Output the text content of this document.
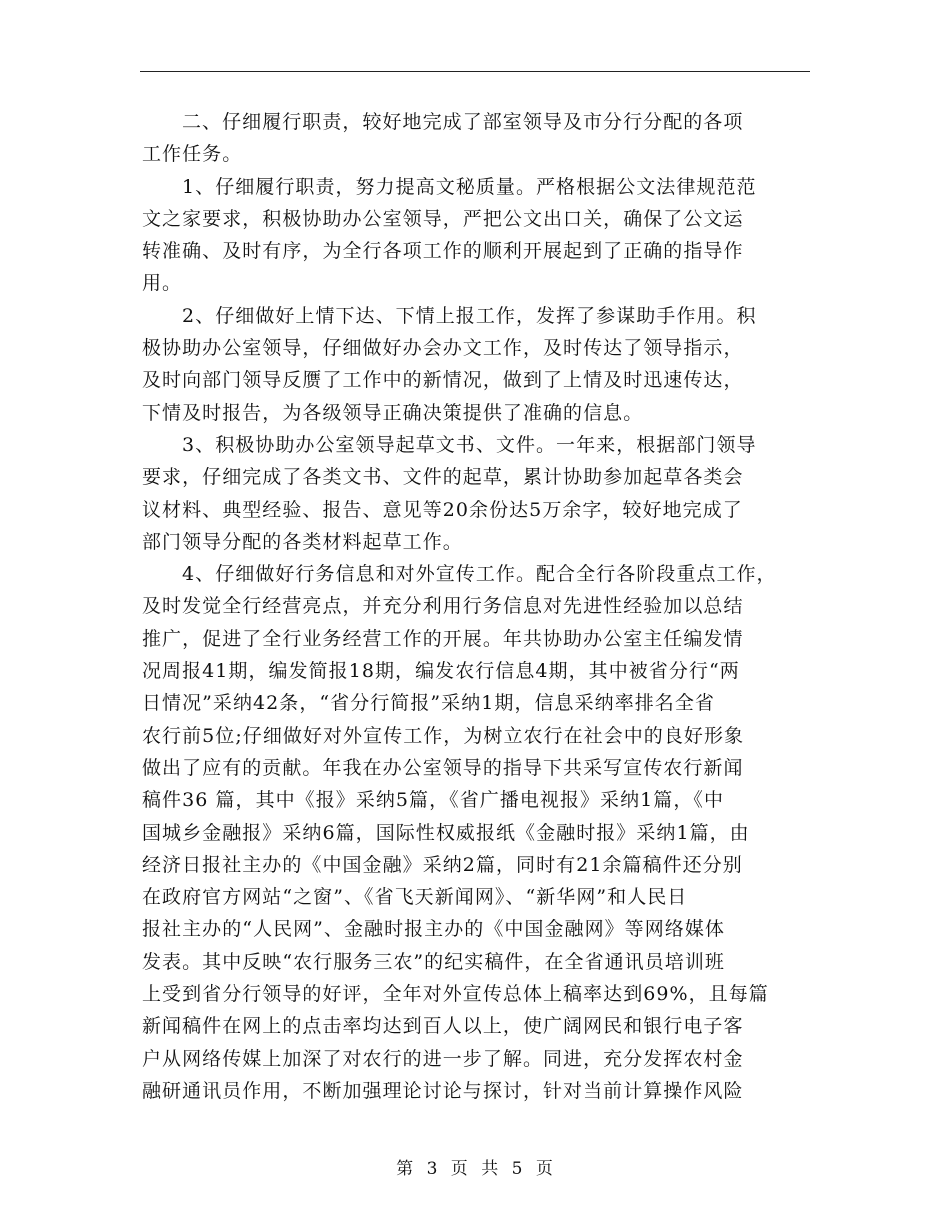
二、仔细履行职责，较好地完成了部室领导及市分行分配的各项
工作任务。

1、仔细履行职责，努力提高文秘质量。严格根据公文法律规范范
文之家要求，积极协助办公室领导，严把公文出口关，确保了公文运
转准确、及时有序，为全行各项工作的顺利开展起到了正确的指导作
用。

2、仔细做好上情下达、下情上报工作，发挥了参谋助手作用。积
极协助办公室领导，仔细做好办会办文工作，及时传达了领导指示，
及时向部门领导反赝了工作中的新情况，做到了上情及时迅速传达，
下情及时报告，为各级领导正确决策提供了准确的信息。

3、积极协助办公室领导起草文书、文件。一年来，根据部门领导
要求，仔细完成了各类文书、文件的起草，累计协助参加起草各类会
议材料、典型经验、报告、意见等20余份达5万余字，较好地完成了
部门领导分配的各类材料起草工作。

4、仔细做好行务信息和对外宣传工作。配合全行各阶段重点工作，
及时发觉全行经营亮点，并充分利用行务信息对先进性经验加以总结
推广，促进了全行业务经营工作的开展。年共协助办公室主任编发情
况周报41期，编发简报18期，编发农行信息4期，其中被省分行“两
日情况”采纳42条，“省分行简报”采纳1期，信息采纳率排名全省
农行前5位;仔细做好对外宣传工作，为树立农行在社会中的良好形象
做出了应有的贡献。年我在办公室领导的指导下共采写宣传农行新闻
稿件36 篇，其中《报》采纳5篇，《省广播电视报》采纳1篇，《中
国城乡金融报》采纳6篇，国际性权威报纸《金融时报》采纳1篇，由
经济日报社主办的《中国金融》采纳2篇，同时有21余篇稿件还分别
在政府官方网站“之窗”、《省飞天新闻网》、“新华网”和人民日
报社主办的“人民网”、金融时报主办的《中国金融网》等网络媒体
发表。其中反映“农行服务三农”的纪实稿件，在全省通讯员培训班
上受到省分行领导的好评，全年对外宣传总体上稿率达到69%，且每篇
新闻稿件在网上的点击率均达到百人以上，使广阔网民和银行电子客
户从网络传媒上加深了对农行的进一步了解。同进，充分发挥农村金
融研通讯员作用，不断加强理论讨论与探讨，针对当前计算操作风险

第 3 页 共 5 页
